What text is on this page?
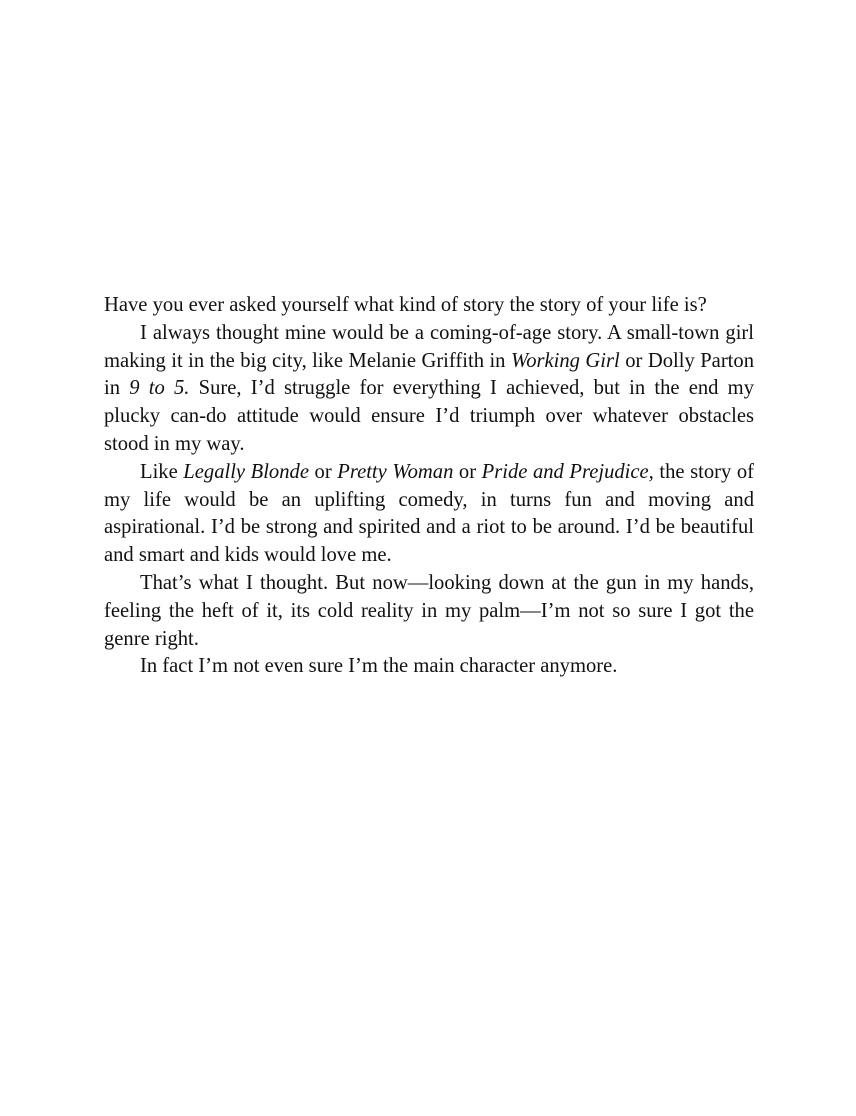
Have you ever asked yourself what kind of story the story of your life is?

I always thought mine would be a coming-of-age story. A small-town girl making it in the big city, like Melanie Griffith in Working Girl or Dolly Parton in 9 to 5. Sure, I’d struggle for everything I achieved, but in the end my plucky can-do attitude would ensure I’d triumph over whatever obstacles stood in my way.

Like Legally Blonde or Pretty Woman or Pride and Prejudice, the story of my life would be an uplifting comedy, in turns fun and moving and aspirational. I’d be strong and spirited and a riot to be around. I’d be beautiful and smart and kids would love me.

That’s what I thought. But now—looking down at the gun in my hands, feeling the heft of it, its cold reality in my palm—I’m not so sure I got the genre right.

In fact I’m not even sure I’m the main character anymore.
